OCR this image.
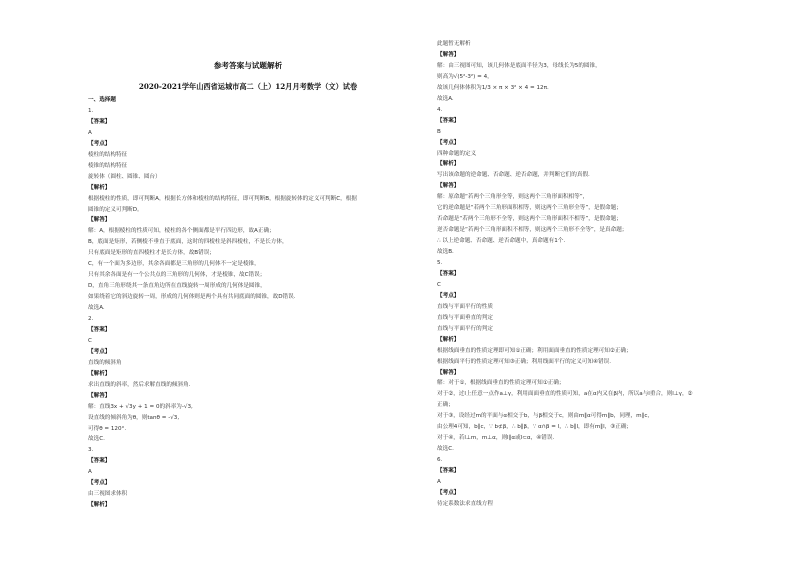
参考答案与试题解析
2020-2021学年山西省运城市高二（上）12月月考数学（文）试卷
一、选择题
1.
【答案】
A
【考点】
棱柱的结构特征
棱锥的结构特征
旋转体（圆柱、圆锥、圆台）
【解析】
根据棱柱的性质，即可判断A，根据长方体和棱柱的结构特征，即可判断B，根据旋转体的定义可判断C，根据
圆锥的定义可判断D。
【解答】
解：A，根据棱柱的性质可知，棱柱的各个侧面都是平行四边形，故A正确；
B，底面是矩形，若侧棱不垂直于底面，这时的四棱柱是斜四棱柱，不是长方体，
只有底面是矩形的直四棱柱才是长方体，故B错误；
C，有一个面为多边形，其余各面都是三角形的几何体不一定是棱锥，
只有其余各面是有一个公共点的三角形的几何体，才是棱锥，故C错误；
D，直角三角形绕其一条直角边所在直线旋转一周形成的几何体是圆锥，
如果绕着它的斜边旋转一周，形成的几何体则是两个具有共同底面的圆锥，故D错误.
故选A.
2.
【答案】
C
【考点】
直线的倾斜角
【解析】
求出直线的斜率，然后求解直线的倾斜角.
【解答】
解：直线3x + √3y + 1 = 0的斜率为-√3,
设直线的倾斜角为θ，则tanθ = -√3,
可得θ = 120°.
故选C.
3.
【答案】
A
【考点】
由三视图求体积
【解析】
此题暂无解析
【解答】
解：由三视图可知，该几何体是底面半径为3，母线长为5的圆锥，
则高为√(5²-3²) = 4，
故该几何体体积为1/3 × π × 3² × 4 = 12π.
故选A.
4.
【答案】
B
【考点】
四种命题的定义
【解析】
写出该命题的逆命题、否命题、逆否命题，并判断它们的真假.
【解答】
解：原命题“若两个三角形全等，则这两个三角形面积相等”，
它的逆命题是“若两个三角形面积相等，则这两个三角形全等”，是假命题；
否命题是“若两个三角形不全等，则这两个三角形面积不相等”，是假命题；
逆否命题是“若两个三角形面积不相等，则这两个三角形不全等”，是真命题；
∴ 以上逆命题、否命题、逆否命题中，真命题有1个.
故选B.
5.
【答案】
C
【考点】
直线与平面平行的性质
直线与平面垂直的判定
直线与平面平行的判定
【解析】
根据线面垂直的性质定理即可知①正确；利用面面垂直的性质定理可知②正确；
根据线面平行的性质定理可知③正确；利用线面平行的定义可知④错误.
【解答】
解：对于①，根据线面垂直的性质定理可知①正确；
对于②，过l上任意一点作a⊥γ，利用面面垂直的性质可知，a在α内又在β内，所以a与l重合，则l⊥γ，②
正确；
对于③，设经过m的平面与α相交于b，与β相交于c，则由m∥α可得m∥b，同理，m∥c，
由公理4可知，b∥c，∵ b⊄β，∴ b∥β，∵ α∩β = l，∴ b∥l，即有m∥l，③正确；
对于④，若l⊥m，m⊥α，则l∥α或l⊂α，④错误.
故选C.
6.
【答案】
A
【考点】
待定系数法求直线方程
